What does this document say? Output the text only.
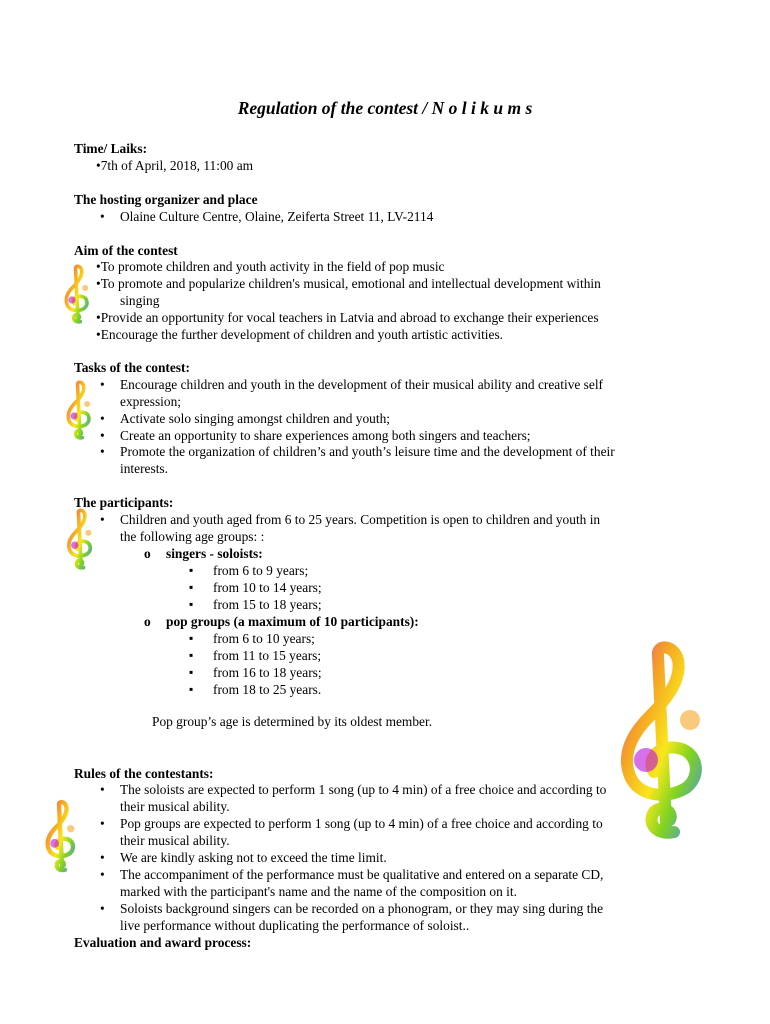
Regulation of the contest / N o l i k u m s
Time/ Laiks:
•7th of April, 2018, 11:00 am
The hosting organizer and place
• Olaine Culture Centre, Olaine, Zeiferta Street 11, LV-2114
Aim of the contest
•To promote children and youth activity in the field of pop music
•To promote and popularize children's musical, emotional and intellectual development within
singing
•Provide an opportunity for vocal teachers in Latvia and abroad to exchange their experiences
•Encourage the further development of children and youth artistic activities.
Tasks of the contest:
• Encourage children and youth in the development of their musical ability and creative self
expression;
• Activate solo singing amongst children and youth;
• Create an opportunity to share experiences among both singers and teachers;
• Promote the organization of children’s and youth’s leisure time and the development of their
interests.
The participants:
• Children and youth aged from 6 to 25 years. Competition is open to children and youth in
the following age groups: :
o singers - soloists:
▪ from 6 to 9 years;
▪ from 10 to 14 years;
▪ from 15 to 18 years;
o pop groups (a maximum of 10 participants):
▪ from 6 to 10 years;
▪ from 11 to 15 years;
▪ from 16 to 18 years;
▪ from 18 to 25 years.
Pop group’s age is determined by its oldest member.
Rules of the contestants:
• The soloists are expected to perform 1 song (up to 4 min) of a free choice and according to
their musical ability.
• Pop groups are expected to perform 1 song (up to 4 min) of a free choice and according to
their musical ability.
• We are kindly asking not to exceed the time limit.
• The accompaniment of the performance must be qualitative and entered on a separate CD,
marked with the participant's name and the name of the composition on it.
• Soloists background singers can be recorded on a phonogram, or they may sing during the
live performance without duplicating the performance of soloist..
Evaluation and award process:
